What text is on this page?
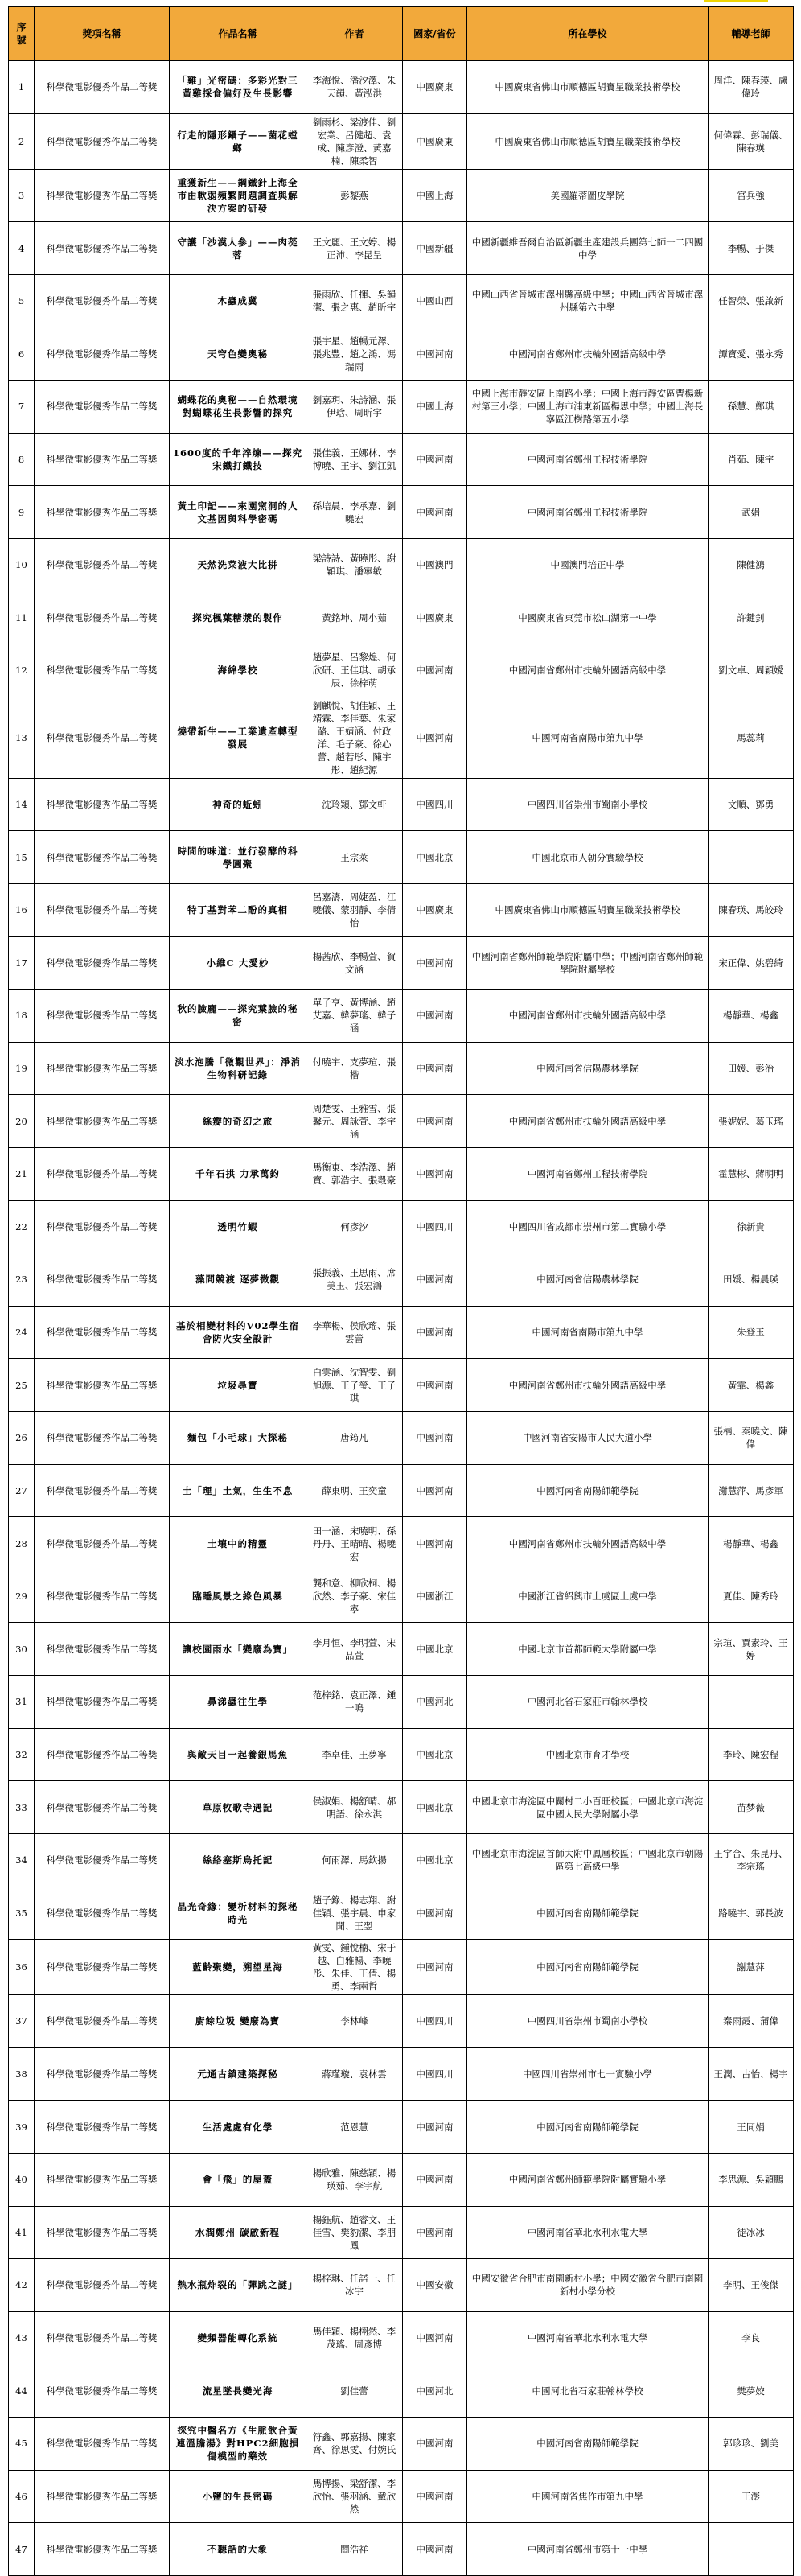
序號	獎項名稱	作品名稱	作者	國家/省份	所在學校	輔導老師
1	科學微電影優秀作品二等獎	「雞」光密碼：多彩光對三黃雞採食偏好及生長影響	李海悅、潘汐澤、朱天韻、黃泓洪	中國廣東	中國廣東省佛山市順德區胡寶星職業技術學校	周洋、陳春瑛、盧偉玲
2	科學微電影優秀作品二等獎	行走的隱形鑷子——菌花螳螂	劉雨杉、梁渡佳、劉宏業、呂健超、袁成、陳彥澄、黃嘉楠、陳柔智	中國廣東	中國廣東省佛山市順德區胡寶星職業技術學校	何偉霖、彭瑞儀、陳春瑛
3	科學微電影優秀作品二等獎	重獲新生——鋼鐵針上海全市由軟弱頻繁問題調查與解決方案的研發	彭黎燕	中國上海	美國羅蒂圖皮學院	宮兵強
4	科學微電影優秀作品二等獎	守護「沙漠人參」——肉蓯蓉	王文麗、王文婷、楊正沛、李昆呈	中國新疆	中國新疆維吾爾自治區新疆生產建設兵團第七師一二四團中學	李暢、于傑
5	科學微電影優秀作品二等獎	木蟲成冀	張雨欣、任揮、吳韻潔、張之惠、趙昕宇	中國山西	中國山西省晉城市澤州縣高級中學；中國山西省晉城市澤州縣第六中學	任智榮、張啟新
6	科學微電影優秀作品二等獎	天穹色變奧秘	張宇星、趙暢元澤、張兆豐、趙之鴻、馮瑞雨	中國河南	中國河南省鄭州市扶輪外國語高級中學	譚寶愛、張永秀
7	科學微電影優秀作品二等獎	蝴蝶花的奧秘——自然環境對蝴蝶花生長影響的探究	劉嘉玥、朱詩涵、張伊琀、周昕宇	中國上海	中國上海市靜安區上南路小學；中國上海市靜安區曹楊新村第三小學；中國上海市浦東新區楊思中學；中國上海長寧區江樹路第五小學	孫慧、鄭琪
8	科學微電影優秀作品二等獎	1600度的千年淬煉——探究宋鐵打鐵技	張佳義、王娜林、李博曉、王宇、劉江凱	中國河南	中國河南省鄭州工程技術學院	肖茹、陳宇
9	科學微電影優秀作品二等獎	黃土印記——來園窯洞的人文基因與科學密碼	孫培晨、李承嘉、劉曉宏	中國河南	中國河南省鄭州工程技術學院	武娟
10	科學微電影優秀作品二等獎	天然洗菜液大比拼	梁詩詩、黃曉彤、謝穎琪、潘寧敏	中國澳門	中國澳門培正中學	陳健鴻
11	科學微電影優秀作品二等獎	探究楓葉糖漿的製作	黃銘坤、周小茹	中國廣東	中國廣東省東莞市松山湖第一中學	許鍵釗
12	科學微電影優秀作品二等獎	海綿學校	趙夢星、呂黎煌、何欣研、王佳琪、胡承辰、徐梓萌	中國河南	中國河南省鄭州市扶輪外國語高級中學	劉文卓、周穎嬡
13	科學微電影優秀作品二等獎	燒帶新生——工業遺產轉型發展	劉麒悅、胡佳穎、王靖霖、李佳葉、朱家潞、王婧涵、付政洋、毛子豪、徐心蕾、趙若彤、陳宇彤、趙紀源	中國河南	中國河南省南陽市第九中學	馬蕊莉
14	科學微電影優秀作品二等獎	神奇的蚯蚓	沈玲穎、鄧文軒	中國四川	中國四川省崇州市蜀南小學校	文順、鄧勇
15	科學微電影優秀作品二等獎	時間的味道：並行發酵的科學圓聚	王宗萊	中國北京	中國北京市人朝分實驗學校	
16	科學微電影優秀作品二等獎	特丁基對苯二酚的真相	呂嘉濤、周婕盈、江曉儀、蒙羽靜、李倩怡	中國廣東	中國廣東省佛山市順德區胡寶星職業技術學校	陳春瑛、馬皎玲
17	科學微電影優秀作品二等獎	小維C 大愛妙	楊茜欣、李暢萱、賀文涵	中國河南	中國河南省鄭州師範學院附屬中學；中國河南省鄭州師範學院附屬學校	宋正偉、姚碧綺
18	科學微電影優秀作品二等獎	秋的臉龐——探究葉臉的秘密	單子亨、黃博涵、趙艾嘉、韓夢瑤、韓子涵	中國河南	中國河南省鄭州市扶輪外國語高級中學	楊靜華、楊鑫
19	科學微電影優秀作品二等獎	淡水泡騰「微觀世界」：淨消生物科研記錄	付曉宇、支夢瑄、張楷	中國河南	中國河南省信陽農林學院	田媛、彭治
20	科學微電影優秀作品二等獎	絲瓣的奇幻之旅	周楚雯、王雅雪、張馨元、周詠萱、李宇涵	中國河南	中國河南省鄭州市扶輪外國語高級中學	張妮妮、葛玉瑤
21	科學微電影優秀作品二等獎	千年石拱 力承萬鈞	馬衡東、李浩澤、趙寶、郭浩宇、張穀豪	中國河南	中國河南省鄭州工程技術學院	霍慧彬、蔣明明
22	科學微電影優秀作品二等獎	透明竹蝦	何彥汐	中國四川	中國四川省成都市崇州市第二實驗小學	徐新貴
23	科學微電影優秀作品二等獎	藻間競渡 逐夢微觀	張振義、王思雨、席美玉、張宏鴻	中國河南	中國河南省信陽農林學院	田媛、楊晨瑛
24	科學微電影優秀作品二等獎	基於相變材料的V02學生宿舍防火安全設計	李華楊、侯欣瑤、張雲蕾	中國河南	中國河南省南陽市第九中學	朱登玉
25	科學微電影優秀作品二等獎	垃圾尋寶	白雲涵、沈智雯、劉旭源、王子瑩、王子琪	中國河南	中國河南省鄭州市扶輪外國語高級中學	黃霏、楊鑫
26	科學微電影優秀作品二等獎	麵包「小毛球」大探秘	唐筠凡	中國河南	中國河南省安陽市人民大道小學	張楠、秦曉文、陳偉
27	科學微電影優秀作品二等獎	土「理」土氣，生生不息	薛東明、王奕童	中國河南	中國河南省南陽師範學院	謝慧萍、馬彥軍
28	科學微電影優秀作品二等獎	土壤中的精靈	田一涵、宋曉明、孫丹丹、王晴晴、楊曉宏	中國河南	中國河南省鄭州市扶輪外國語高級中學	楊靜華、楊鑫
29	科學微電影優秀作品二等獎	臨睡風景之綠色風暴	龔和意、柳欣桐、楊欣然、李子豪、宋佳寧	中國浙江	中國浙江省紹興市上虞區上虞中學	夏佳、陳秀玲
30	科學微電影優秀作品二等獎	讓校園雨水「變廢為寶」	李月恒、李明萱、宋品萱	中國北京	中國北京市首都師範大學附屬中學	宗瑄、賈素玲、王婷
31	科學微電影優秀作品二等獎	鼻涕蟲往生學	范梓銘、袁正澤、鍾一鳴	中國河北	中國河北省石家莊市翰林學校	
32	科學微電影優秀作品二等獎	與敵天目一起養銀馬魚	李卓佳、王夢寧	中國北京	中國北京市育才學校	李玲、陳宏程
33	科學微電影優秀作品二等獎	草原牧歌寺遇記	侯淑娟、楊舒晴、郝明語、徐永淇	中國北京	中國北京市海淀區中關村二小百旺校區；中國北京市海淀區中國人民大學附屬小學	苗梦薇
34	科學微電影優秀作品二等獎	絲絡塞斯烏托記	何雨澤、馬欽揚	中國北京	中國北京市海淀區首師大附中鳳凰校區；中國北京市朝陽區第七高級中學	王宇合、朱昆丹、李宗瑤
35	科學微電影優秀作品二等獎	晶光奇緣：變析材料的探秘時光	趙子錄、楊志翔、謝佳穎、張宇晨、申家聞、王翌	中國河南	中國河南省南陽師範學院	路曉宇、郭長波
36	科學微電影優秀作品二等獎	藍齡聚變，溯望星海	黃雯、鍾悅楠、宋于越、白雅暢、李曉彤、朱佳、王倩、楊勇、李兩哲	中國河南	中國河南省南陽師範學院	謝慧萍
37	科學微電影優秀作品二等獎	廚餘垃圾 變廢為寶	李林峰	中國四川	中國四川省崇州市蜀南小學校	秦雨霞、蒲偉
38	科學微電影優秀作品二等獎	元通古鎮建築探秘	蔣瑾璇、袁林雲	中國四川	中國四川省崇州市七一實驗小學	王潤、古怡、楊宇
39	科學微電影優秀作品二等獎	生活處處有化學	范恩慧	中國河南	中國河南省南陽師範學院	王同娟
40	科學微電影優秀作品二等獎	會「飛」的屋蓋	楊欣雅、陳慈穎、楊瑛茹、李宇航	中國河南	中國河南省鄭州師範學院附屬實驗小學	李思源、吳穎鵬
41	科學微電影優秀作品二等獎	水潤鄭州 碳啟新程	楊鈺航、趙睿文、王佳雪、樊豹潔、李朋鳳	中國河南	中國河南省華北水利水電大學	徒冰冰
42	科學微電影優秀作品二等獎	熱水瓶炸裂的「彈跳之謎」	楊梓琳、任諾一、任冰宇	中國安徽	中國安徽省合肥市南園新村小學；中國安徽省合肥市南園新村小學分校	李明、王俊傑
43	科學微電影優秀作品二等獎	變頻器能轉化系統	馬佳穎、楊栩然、李茂瑤、周彥博	中國河南	中國河南省華北水利水電大學	李良
44	科學微電影優秀作品二等獎	流星墜長變光海	劉佳蕾	中國河北	中國河北省石家莊翰林學校	樊夢姣
45	科學微電影優秀作品二等獎	探究中醫名方《生脈飲合黃連溫膽湯》對HPC2細胞損傷模型的藥效	符鑫、郭嘉揚、陳家齊、徐思雯、付婉氏	中國河南	中國河南省南陽師範學院	郭珍珍、劉美
46	科學微電影優秀作品二等獎	小鹽的生長密碼	馬博揚、梁舒潔、李欣怡、張羽涵、戴欣然	中國河南	中國河南省焦作市第九中學	王澎
47	科學微電影優秀作品二等獎	不聽話的大象	閻浩祥	中國河南	中國河南省鄭州市第十一中學	
